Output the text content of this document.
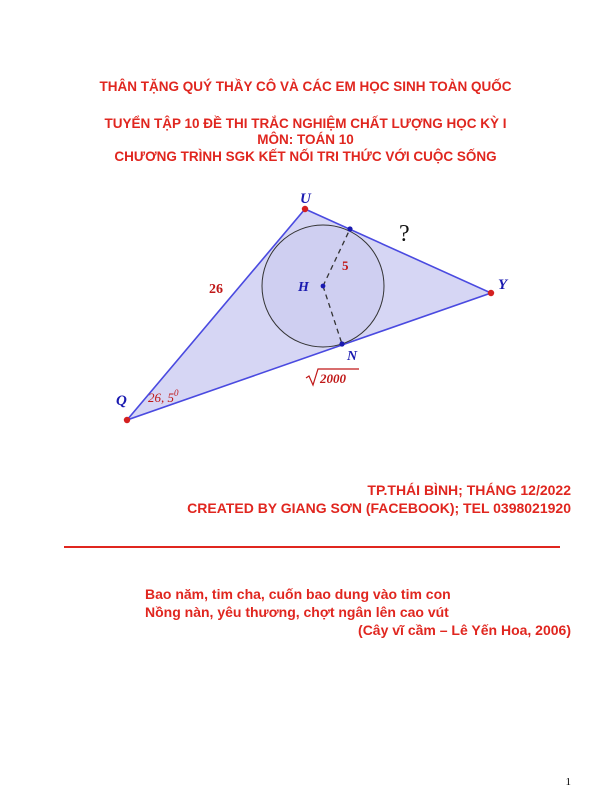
THÂN TẶNG QUÝ THẦY CÔ VÀ CÁC EM HỌC SINH TOÀN QUỐC
TUYỂN TẬP 10 ĐỀ THI TRẮC NGHIỆM CHẤT LƯỢNG HỌC KỲ I
MÔN: TOÁN 10
CHƯƠNG TRÌNH SGK KẾT NỐI TRI THỨC VỚI CUỘC SỐNG
U
Y
Q
H
N
26
5
?
2000
26, $5^0$
TP.THÁI BÌNH; THÁNG 12/2022
CREATED BY GIANG SƠN (FACEBOOK); TEL 0398021920
Bao năm, tim cha, cuốn bao dung vào tim con
Nồng nàn, yêu thương, chợt ngân lên cao vút
(Cây vĩ cầm – Lê Yến Hoa, 2006)
1
